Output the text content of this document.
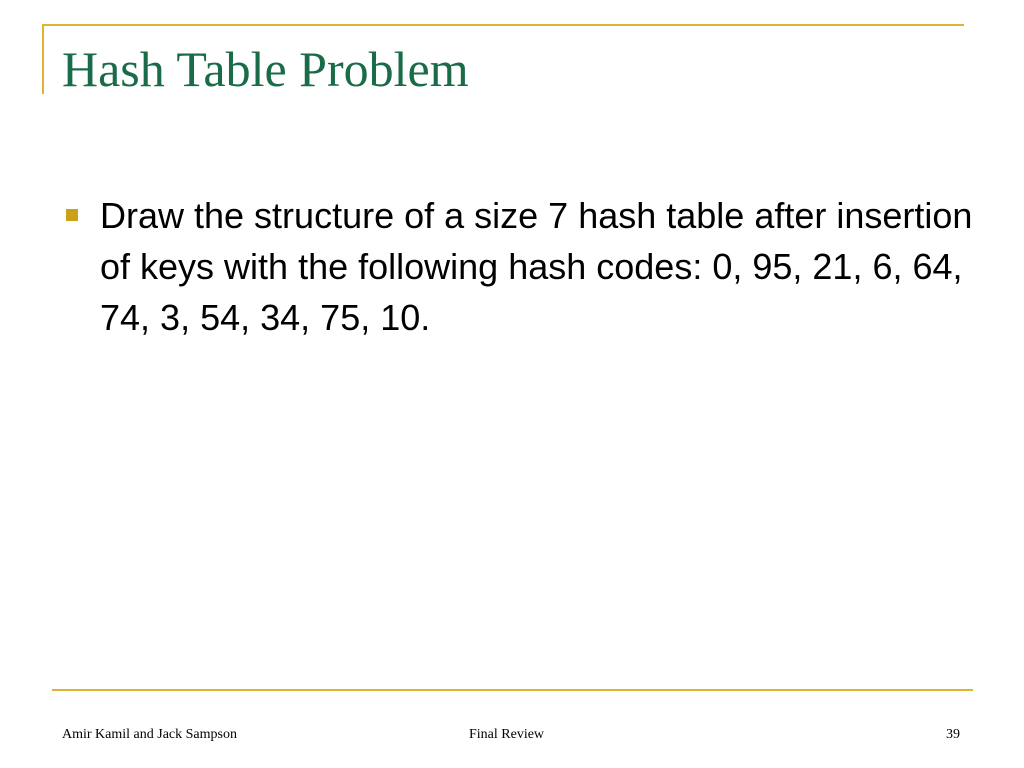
Hash Table Problem
Draw the structure of a size 7 hash table after insertion of keys with the following hash codes: 0, 95, 21, 6, 64, 74, 3, 54, 34, 75, 10.
Amir Kamil and Jack Sampson	Final Review	39
